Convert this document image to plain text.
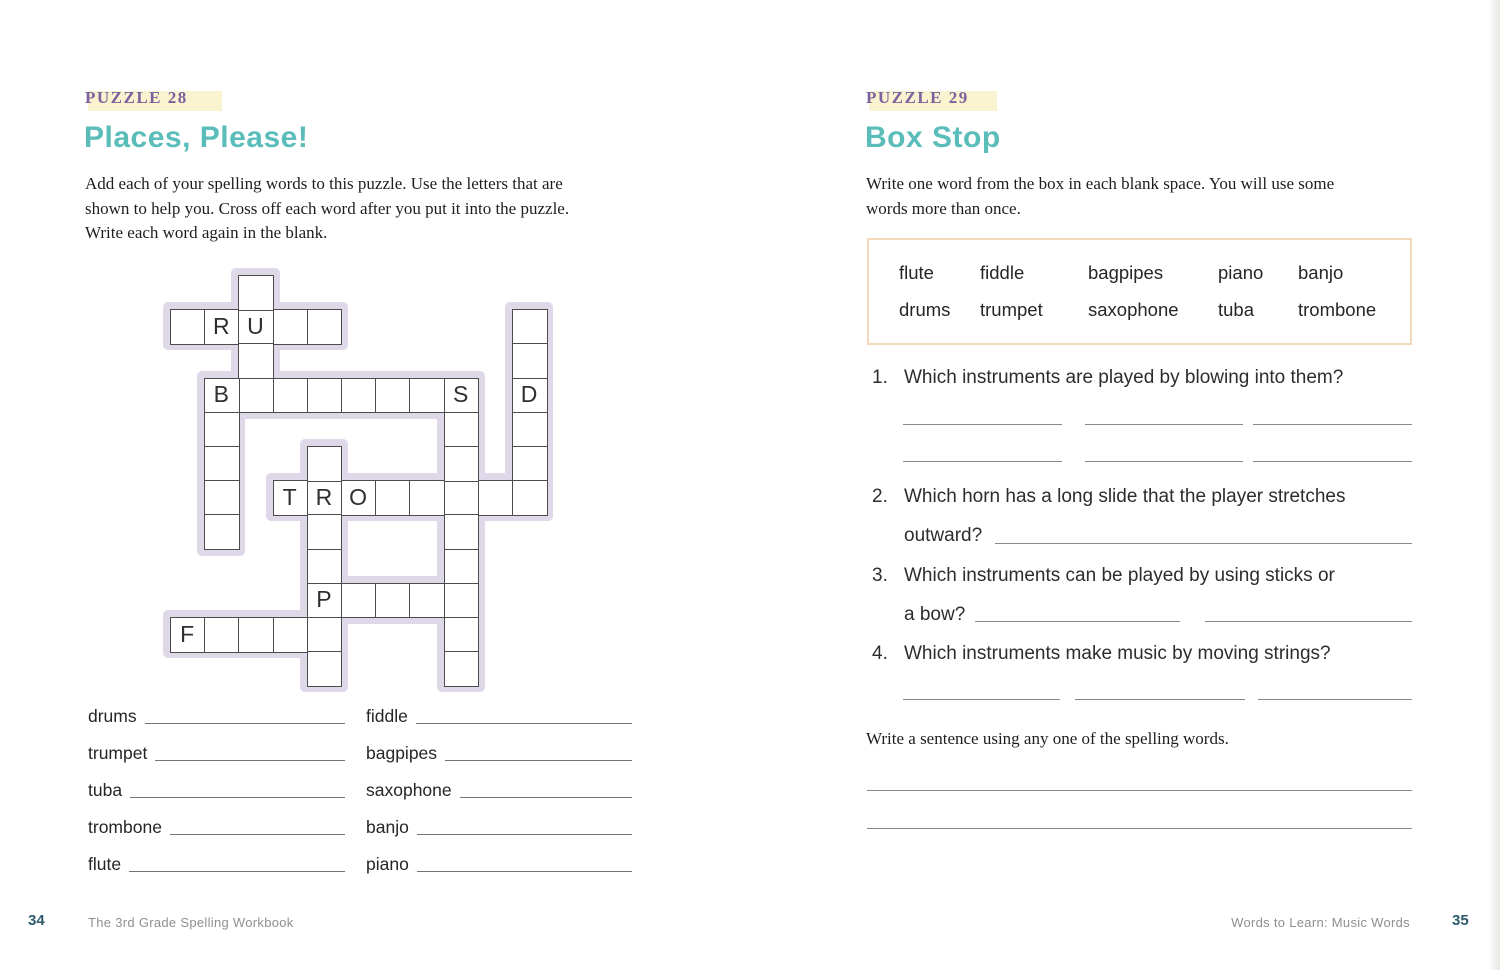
PUZZLE 28
Places, Please!
Add each of your spelling words to this puzzle. Use the letters that are
shown to help you. Cross off each word after you put it into the puzzle.
Write each word again in the blank.
R U
B	S	D
T R O
P
F
drums
trumpet
tuba
trombone
flute
fiddle
bagpipes
saxophone
banjo
piano
34	The 3rd Grade Spelling Workbook
PUZZLE 29
Box Stop
Write one word from the box in each blank space. You will use some
words more than once.
flute fiddle	bagpipes	piano banjo
drums trumpet saxophone tuba trombone
1. Which instruments are played by blowing into them?
2. Which horn has a long slide that the player stretches
outward?
3. Which instruments can be played by using sticks or
a bow?
4. Which instruments make music by moving strings?
Write a sentence using any one of the spelling words.
Words to Learn: Music Words	35
